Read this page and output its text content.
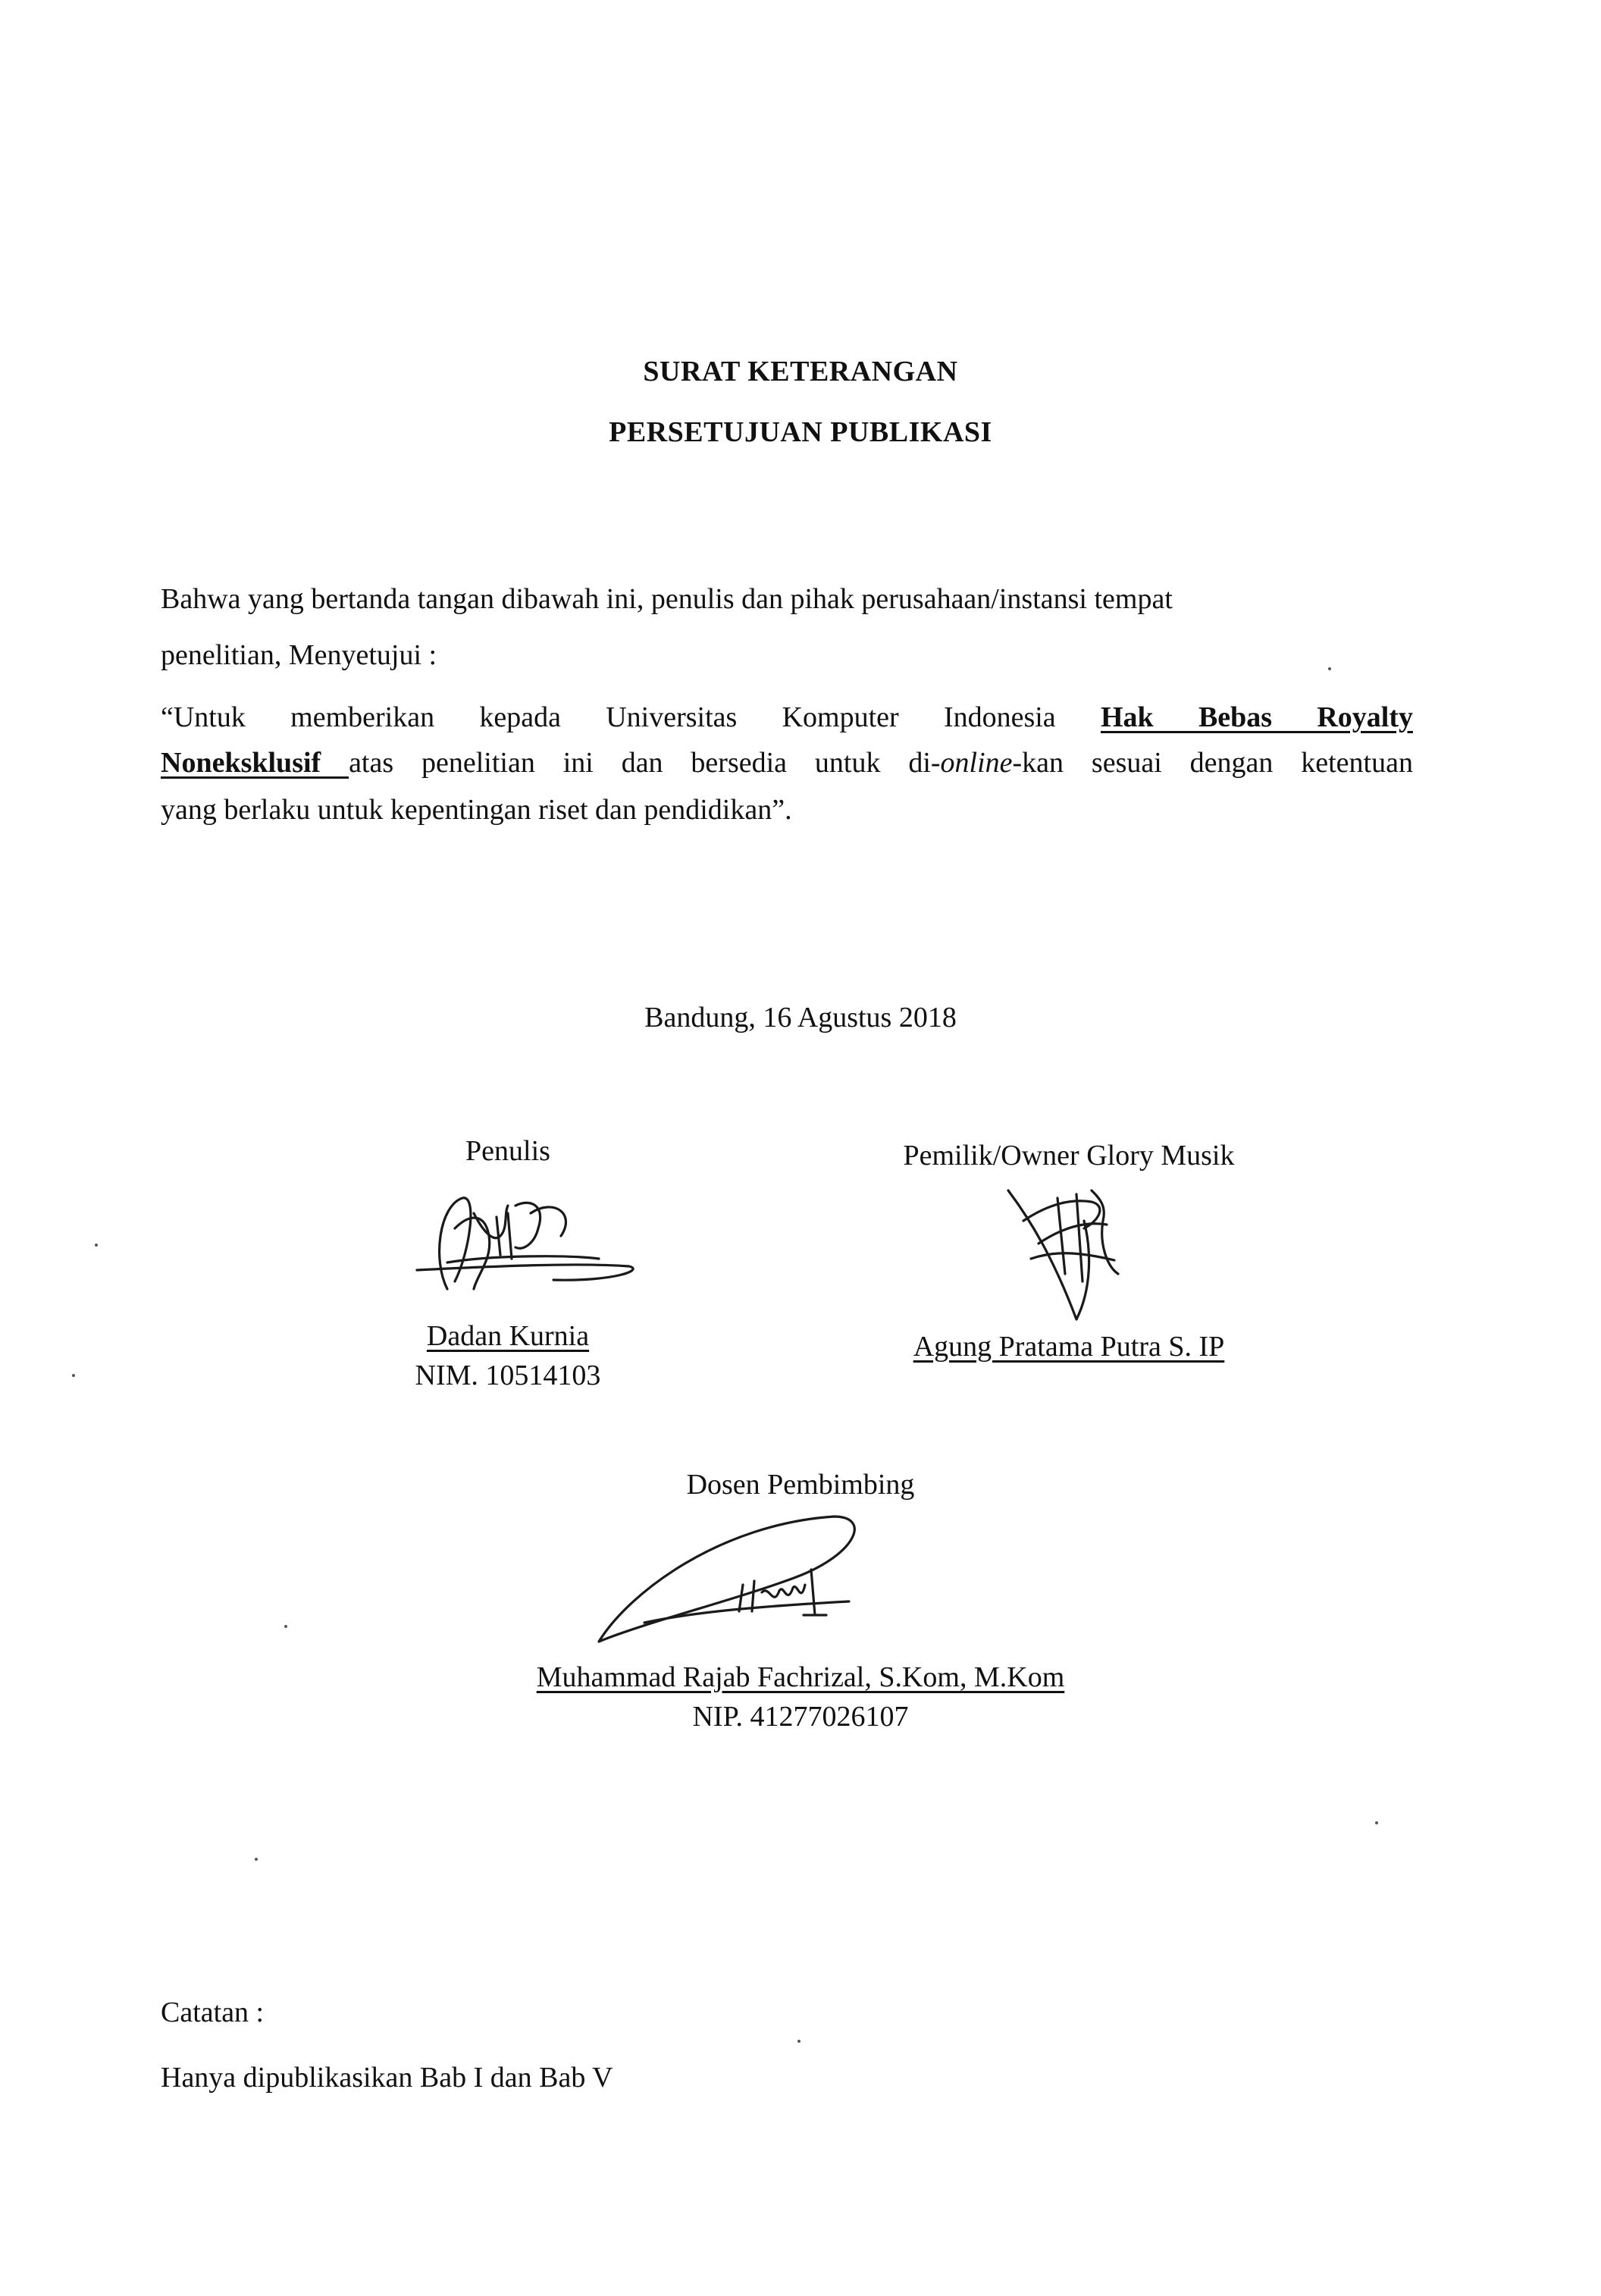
SURAT KETERANGAN
PERSETUJUAN PUBLIKASI
Bahwa yang bertanda tangan dibawah ini, penulis dan pihak perusahaan/instansi tempat
penelitian, Menyetujui :
“Untuk memberikan kepada Universitas Komputer Indonesia Hak Bebas Royalty
Noneksklusif atas penelitian ini dan bersedia untuk di-online-kan sesuai dengan ketentuan
yang berlaku untuk kepentingan riset dan pendidikan”.
Bandung, 16 Agustus 2018
Penulis
Dadan Kurnia
NIM. 10514103
Pemilik/Owner Glory Musik
Agung Pratama Putra S. IP
Dosen Pembimbing
Muhammad Rajab Fachrizal, S.Kom, M.Kom
NIP. 41277026107
Catatan :
Hanya dipublikasikan Bab I dan Bab V
